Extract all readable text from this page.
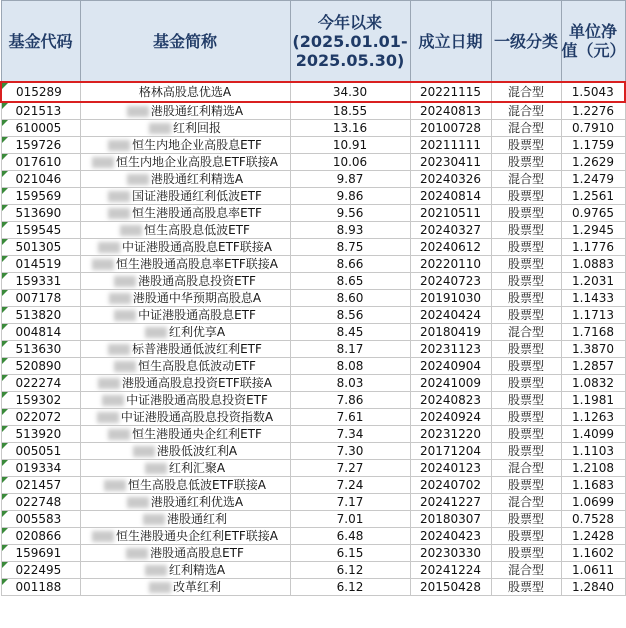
基金代码	基金简称	今年以来(2025.01.01-2025.05.30)	成立日期	一级分类	单位净值（元）
015289	格林高股息优选A	34.30	20221115	混合型	1.5043
021513	港股通红利精选A	18.55	20240813	混合型	1.2276
610005	红利回报	13.16	20100728	混合型	0.7910
159726	恒生内地企业高股息ETF	10.91	20211111	股票型	1.1759
017610	恒生内地企业高股息ETF联接A	10.06	20230411	股票型	1.2629
021046	港股通红利精选A	9.87	20240326	混合型	1.2479
159569	国证港股通红利低波ETF	9.86	20240814	股票型	1.2561
513690	恒生港股通高股息率ETF	9.56	20210511	股票型	0.9765
159545	恒生高股息低波ETF	8.93	20240327	股票型	1.2945
501305	中证港股通高股息ETF联接A	8.75	20240612	股票型	1.1776
014519	恒生港股通高股息率ETF联接A	8.66	20220110	股票型	1.0883
159331	港股通高股息投资ETF	8.65	20240723	股票型	1.2031
007178	港股通中华预期高股息A	8.60	20191030	股票型	1.1433
513820	中证港股通高股息ETF	8.56	20240424	股票型	1.1713
004814	红利优享A	8.45	20180419	混合型	1.7168
513630	标普港股通低波红利ETF	8.17	20231123	股票型	1.3870
520890	恒生高股息低波动ETF	8.08	20240904	股票型	1.2857
022274	港股通高股息投资ETF联接A	8.03	20241009	股票型	1.0832
159302	中证港股通高股息投资ETF	7.86	20240823	股票型	1.1981
022072	中证港股通高股息投资指数A	7.61	20240924	股票型	1.1263
513920	恒生港股通央企红利ETF	7.34	20231220	股票型	1.4099
005051	港股低波红利A	7.30	20171204	股票型	1.1103
019334	红利汇聚A	7.27	20240123	混合型	1.2108
021457	恒生高股息低波ETF联接A	7.24	20240702	股票型	1.1683
022748	港股通红利优选A	7.17	20241227	混合型	1.0699
005583	港股通红利	7.01	20180307	股票型	0.7528
020866	恒生港股通央企红利ETF联接A	6.48	20240423	股票型	1.2428
159691	港股通高股息ETF	6.15	20230330	股票型	1.1602
022495	红利精选A	6.12	20241224	混合型	1.0611
001188	改革红利	6.12	20150428	股票型	1.2840
